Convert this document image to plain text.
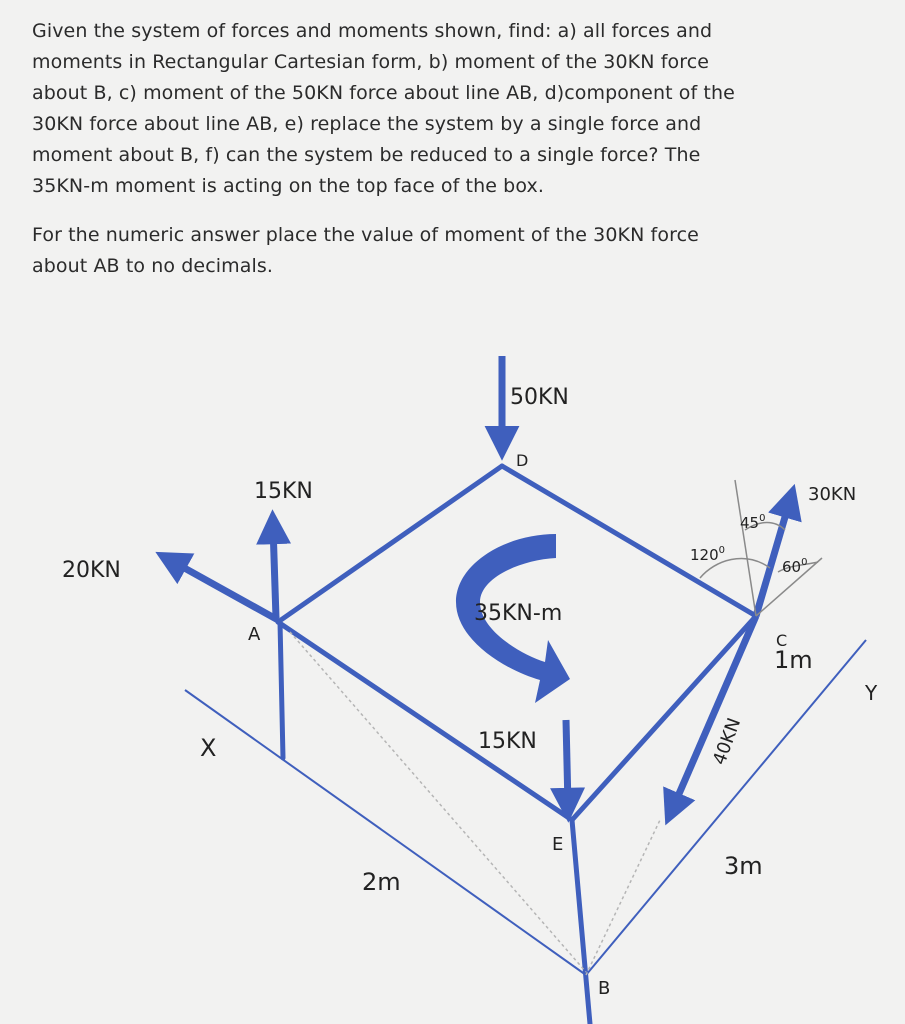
Given the system of forces and moments shown, find: a) all forces and
moments in Rectangular Cartesian form, b) moment of the 30KN force
about B, c) moment of the 50KN force about line AB, d)component of the
30KN force about line AB, e) replace the system by a single force and
moment about B, f) can the system be reduced to a single force? The
35KN-m moment is acting on the top face of the box.

For the numeric answer place the value of moment of the 30KN force
about AB to no decimals.

50KN
D
15KN
20KN
A
35KN-m
15KN
E
X
2m
3m
B
30KN
C
1m
Y
40KN
$45^0$
$120^0$
$60^0$
